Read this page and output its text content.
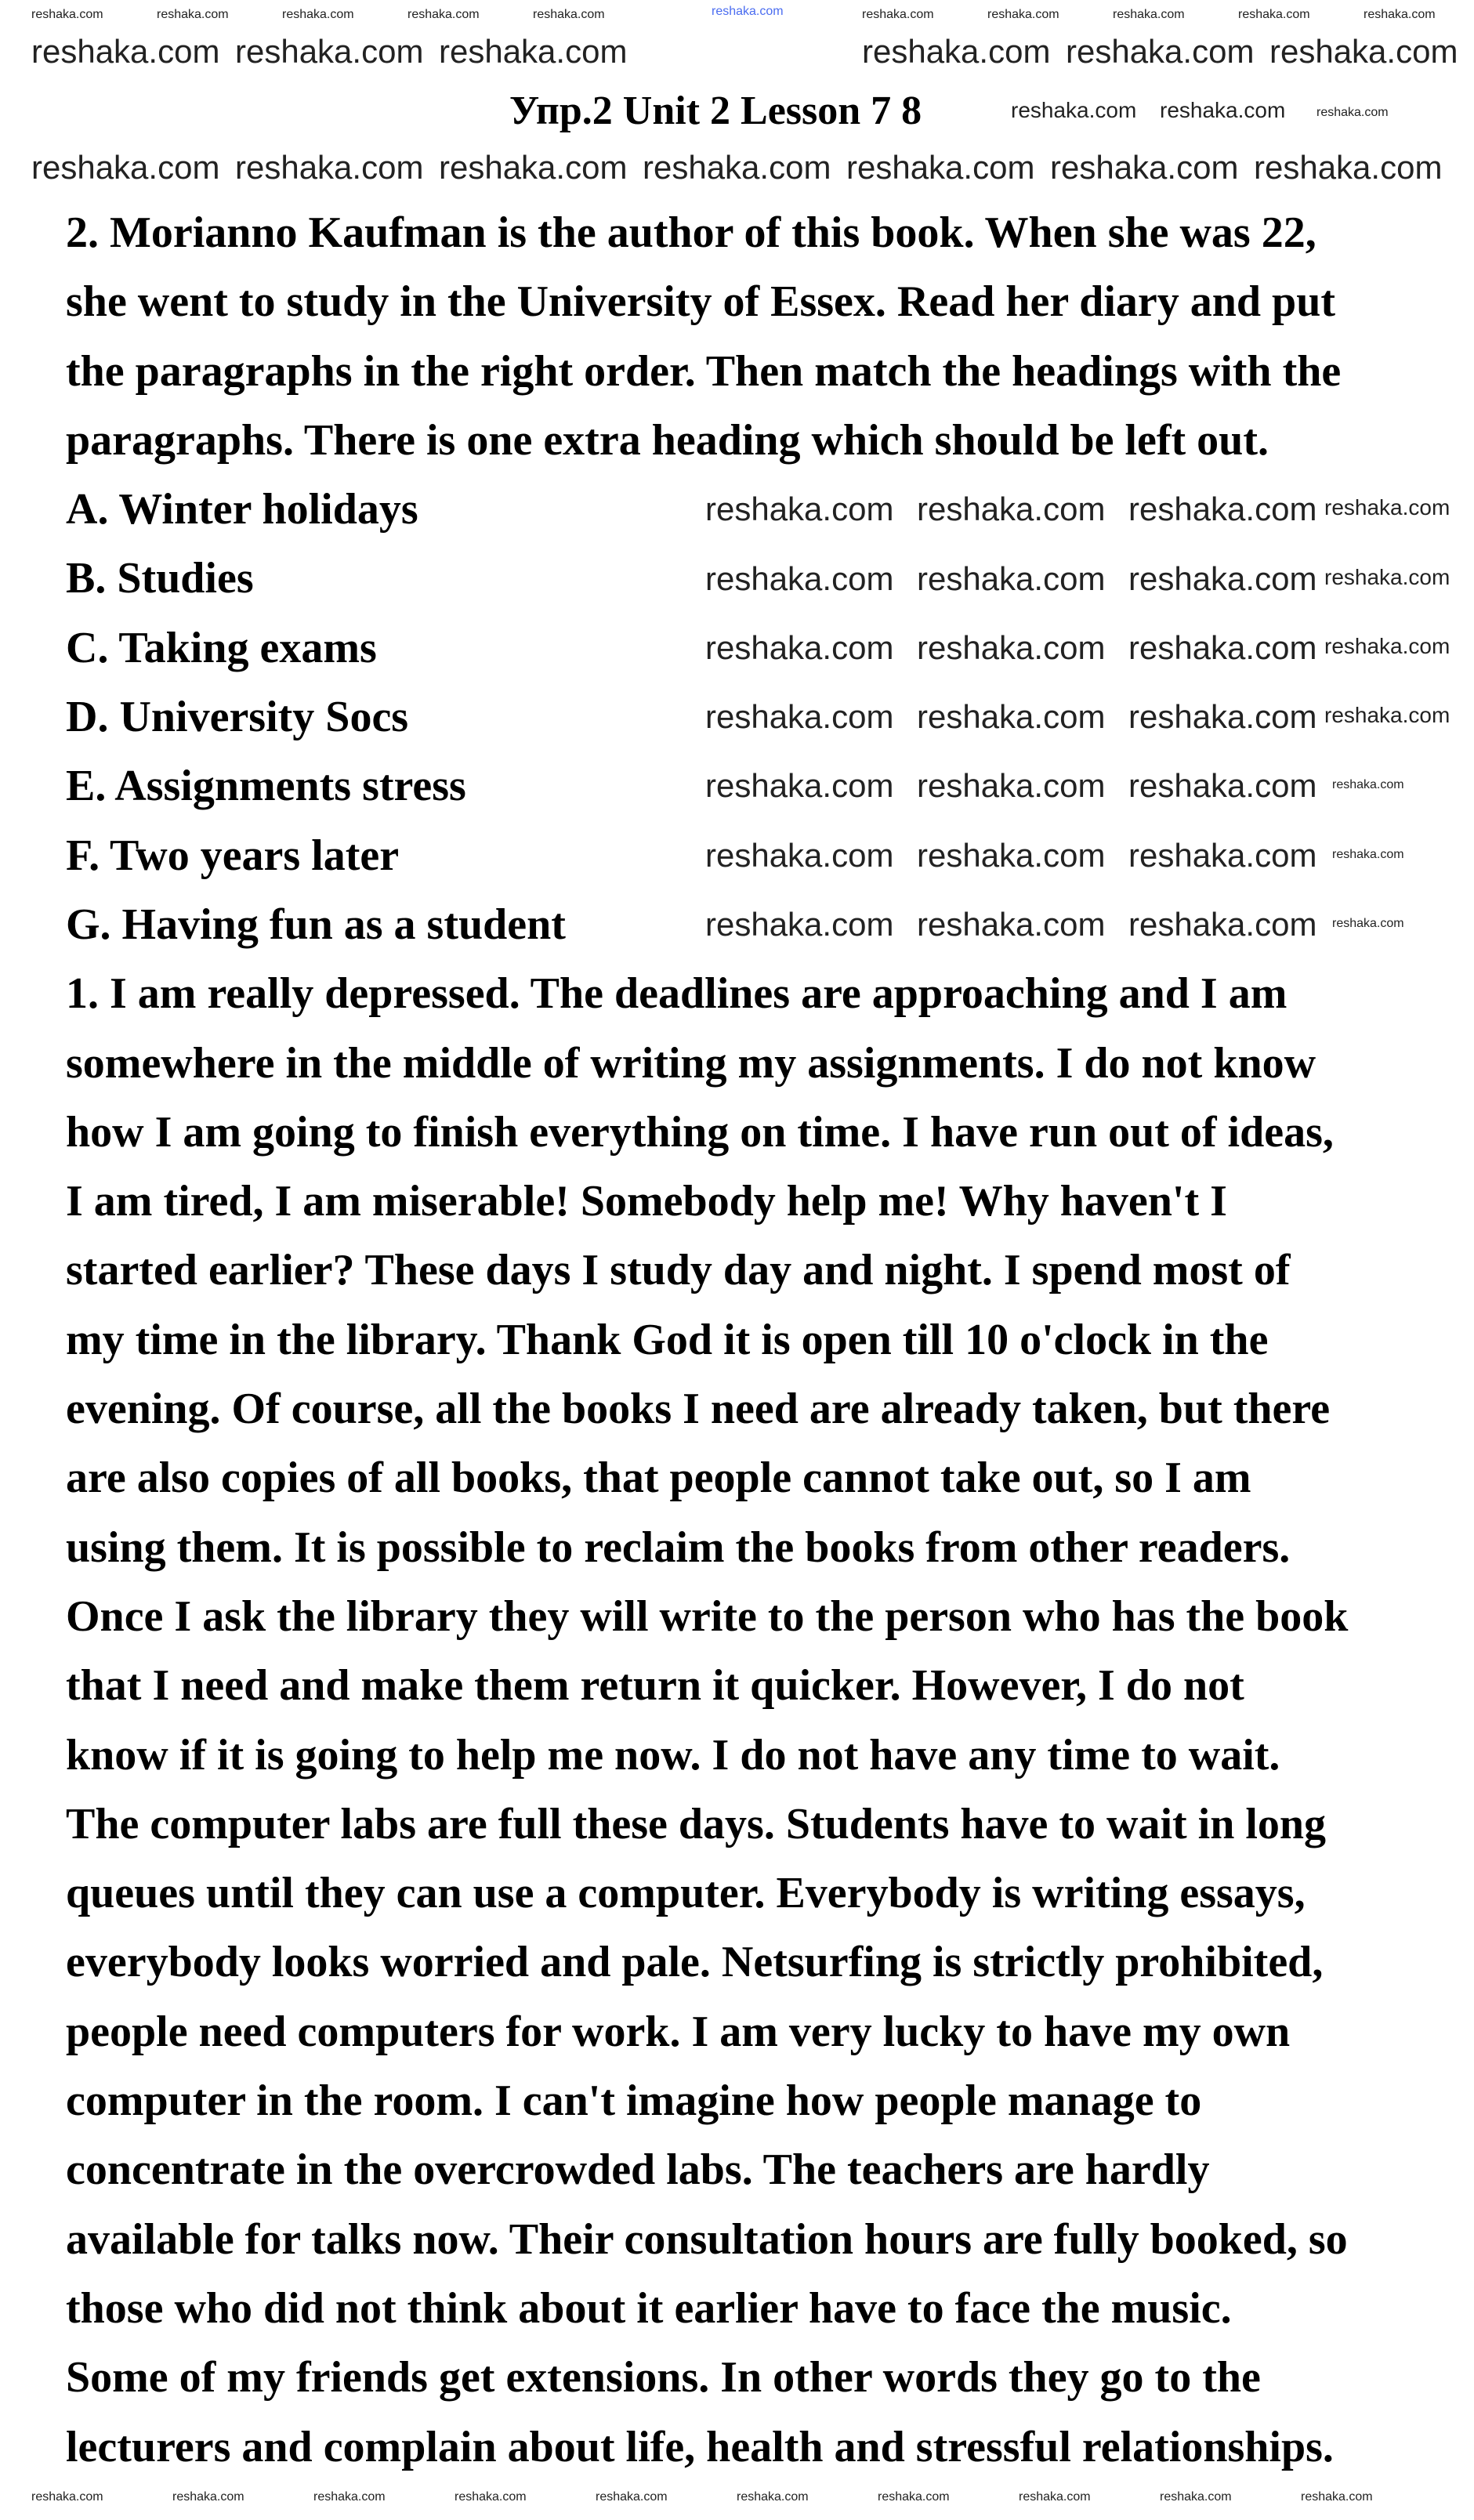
Упр.2 Unit 2 Lesson 7 8
2. Morianno Kaufman is the author of this book. When she was 22,
she went to study in the University of Essex. Read her diary and put
the paragraphs in the right order. Then match the headings with the
paragraphs. There is one extra heading which should be left out.
A. Winter holidays
B. Studies
C. Taking exams
D. University Socs
E. Assignments stress
F. Two years later
G. Having fun as a student
1. I am really depressed. The deadlines are approaching and I am
somewhere in the middle of writing my assignments. I do not know
how I am going to finish everything on time. I have run out of ideas,
I am tired, I am miserable! Somebody help me! Why haven't I
started earlier? These days I study day and night. I spend most of
my time in the library. Thank God it is open till 10 o'clock in the
evening. Of course, all the books I need are already taken, but there
are also copies of all books, that people cannot take out, so I am
using them. It is possible to reclaim the books from other readers.
Once I ask the library they will write to the person who has the book
that I need and make them return it quicker. However, I do not
know if it is going to help me now. I do not have any time to wait.
The computer labs are full these days. Students have to wait in long
queues until they can use a computer. Everybody is writing essays,
everybody looks worried and pale. Netsurfing is strictly prohibited,
people need computers for work. I am very lucky to have my own
computer in the room. I can't imagine how people manage to
concentrate in the overcrowded labs. The teachers are hardly
available for talks now. Their consultation hours are fully booked, so
those who did not think about it earlier have to face the music.
Some of my friends get extensions. In other words they go to the
lecturers and complain about life, health and stressful relationships.
reshaka.com
reshaka.com	reshaka.com	reshaka.com	reshaka.com	reshaka.com	reshaka.com	reshaka.com	reshaka.com	reshaka.com	reshaka.com
reshaka.com reshaka.com reshaka.com	reshaka.com reshaka.com reshaka.com
reshaka.com reshaka.com reshaka.com
reshaka.com reshaka.com reshaka.com reshaka.com reshaka.com reshaka.com reshaka.com
reshaka.com reshaka.com reshaka.com reshaka.com
reshaka.com reshaka.com reshaka.com reshaka.com
reshaka.com reshaka.com reshaka.com reshaka.com
reshaka.com reshaka.com reshaka.com reshaka.com
reshaka.com reshaka.com reshaka.com reshaka.com
reshaka.com reshaka.com reshaka.com reshaka.com
reshaka.com reshaka.com reshaka.com reshaka.com
reshaka.com	reshaka.com	reshaka.com	reshaka.com	reshaka.com	reshaka.com	reshaka.com	reshaka.com	reshaka.com	reshaka.com
